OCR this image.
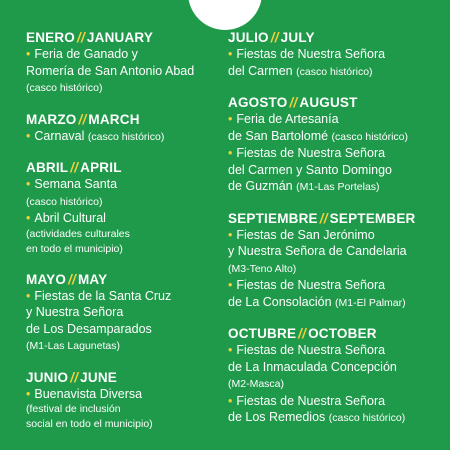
ENERO // JANUARY
• Feria de Ganado y
Romería de San Antonio Abad
(casco histórico)
MARZO // MARCH
• Carnaval (casco histórico)
ABRIL // APRIL
• Semana Santa
(casco histórico)
• Abril Cultural
(actividades culturales
en todo el municipio)
MAYO // MAY
• Fiestas de la Santa Cruz
y Nuestra Señora
de Los Desamparados
(M1-Las Lagunetas)
JUNIO // JUNE
• Buenavista Diversa
(festival de inclusión
social en todo el municipio)
JULIO // JULY
• Fiestas de Nuestra Señora
del Carmen (casco histórico)
AGOSTO // AUGUST
• Feria de Artesanía
de San Bartolomé (casco histórico)
• Fiestas de Nuestra Señora
del Carmen y Santo Domingo
de Guzmán (M1-Las Portelas)
SEPTIEMBRE // SEPTEMBER
• Fiestas de San Jerónimo
y Nuestra Señora de Candelaria
(M3-Teno Alto)
• Fiestas de Nuestra Señora
de La Consolación (M1-El Palmar)
OCTUBRE // OCTOBER
• Fiestas de Nuestra Señora
de La Inmaculada Concepción
(M2-Masca)
• Fiestas de Nuestra Señora
de Los Remedios (casco histórico)
